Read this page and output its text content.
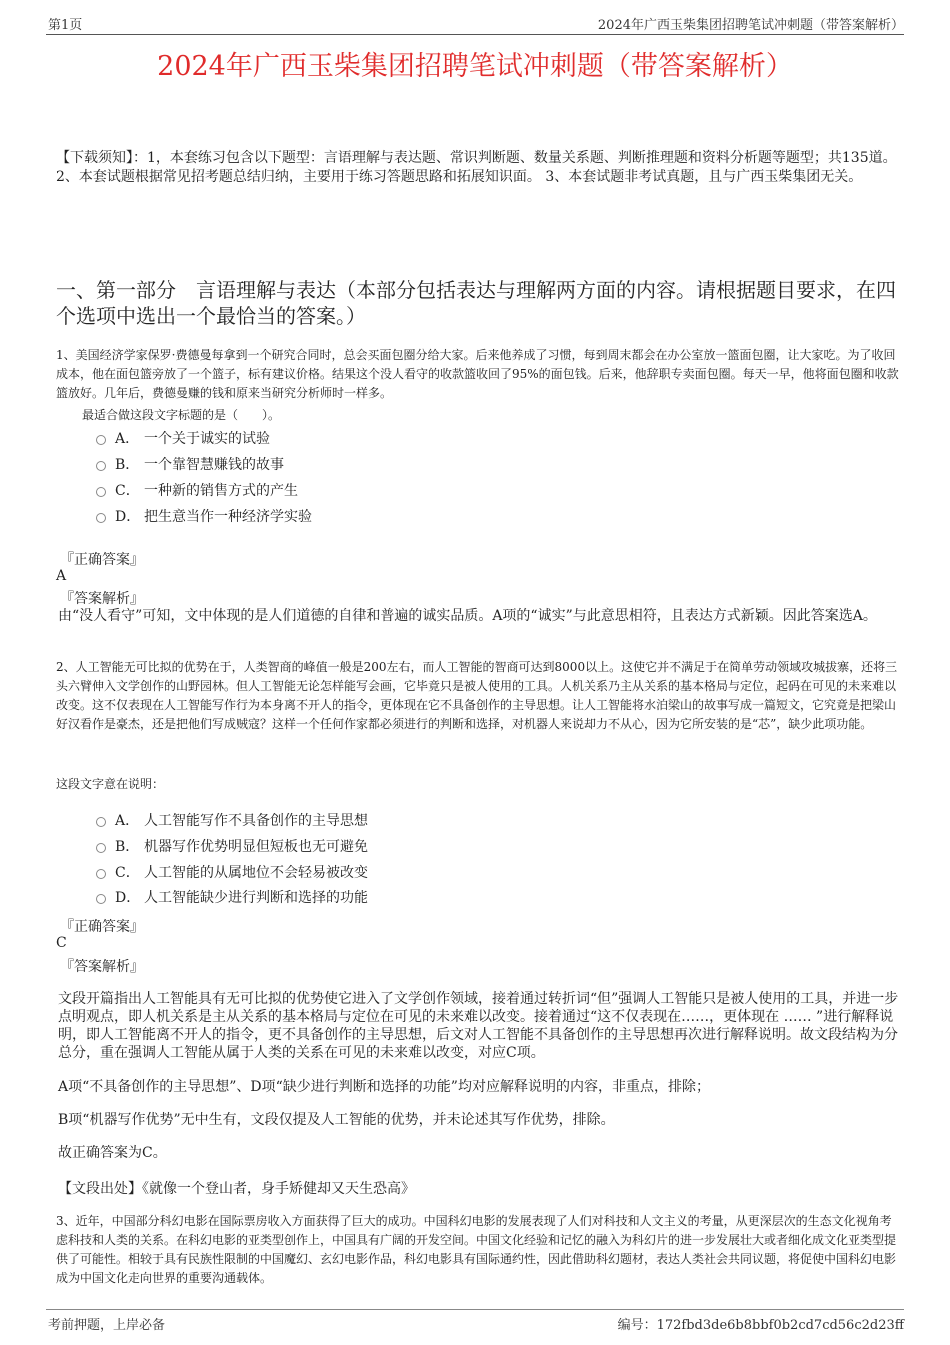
第1页	2024年广西玉柴集团招聘笔试冲刺题（带答案解析）
2024年广西玉柴集团招聘笔试冲刺题（带答案解析）
【下载须知】：1，本套练习包含以下题型：言语理解与表达题、常识判断题、数量关系题、判断推理题和资料分析题等题型；共135道。 2、本套试题根据常见招考题总结归纳，主要用于练习答题思路和拓展知识面。 3、本套试题非考试真题，且与广西玉柴集团无关。
一、第一部分　言语理解与表达（本部分包括表达与理解两方面的内容。请根据题目要求，在四个选项中选出一个最恰当的答案。）
1、美国经济学家保罗·费德曼每拿到一个研究合同时，总会买面包圈分给大家。后来他养成了习惯，每到周末都会在办公室放一篮面包圈，让大家吃。为了收回成本，他在面包篮旁放了一个篮子，标有建议价格。结果这个没人看守的收款篮收回了95%的面包钱。后来，他辞职专卖面包圈。每天一早，他将面包圈和收款篮放好。几年后，费德曼赚的钱和原来当研究分析师时一样多。
最适合做这段文字标题的是（　　）。
A． 一个关于诚实的试验
B． 一个靠智慧赚钱的故事
C． 一种新的销售方式的产生
D． 把生意当作一种经济学实验
『正确答案』
A
『答案解析』
由“没人看守”可知，文中体现的是人们道德的自律和普遍的诚实品质。A项的“诚实”与此意思相符，且表达方式新颖。因此答案选A。
2、人工智能无可比拟的优势在于，人类智商的峰值一般是200左右，而人工智能的智商可达到8000以上。这使它并不满足于在简单劳动领域攻城拔寨，还将三头六臂伸入文学创作的山野园林。但人工智能无论怎样能写会画，它毕竟只是被人使用的工具。人机关系乃主从关系的基本格局与定位，起码在可见的未来难以改变。这不仅表现在人工智能写作行为本身离不开人的指令，更体现在它不具备创作的主导思想。让人工智能将水泊梁山的故事写成一篇短文，它究竟是把梁山好汉看作是豪杰，还是把他们写成贼寇？这样一个任何作家都必须进行的判断和选择，对机器人来说却力不从心，因为它所安装的是“芯”，缺少此项功能。
这段文字意在说明：
A． 人工智能写作不具备创作的主导思想
B． 机器写作优势明显但短板也无可避免
C． 人工智能的从属地位不会轻易被改变
D． 人工智能缺少进行判断和选择的功能
『正确答案』
C
『答案解析』
文段开篇指出人工智能具有无可比拟的优势使它进入了文学创作领域，接着通过转折词“但”强调人工智能只是被人使用的工具，并进一步点明观点，即人机关系是主从关系的基本格局与定位在可见的未来难以改变。接着通过“这不仅表现在……，更体现在 …… ”进行解释说明，即人工智能离不开人的指令，更不具备创作的主导思想，后文对人工智能不具备创作的主导思想再次进行解释说明。故文段结构为分总分，重在强调人工智能从属于人类的关系在可见的未来难以改变，对应C项。
A项“不具备创作的主导思想”、D项“缺少进行判断和选择的功能”均对应解释说明的内容，非重点，排除；
B项“机器写作优势”无中生有，文段仅提及人工智能的优势，并未论述其写作优势，排除。
故正确答案为C。
【文段出处】《就像一个登山者，身手矫健却又天生恐高》
3、近年，中国部分科幻电影在国际票房收入方面获得了巨大的成功。中国科幻电影的发展表现了人们对科技和人文主义的考量，从更深层次的生态文化视角考虑科技和人类的关系。在科幻电影的亚类型创作上，中国具有广阔的开发空间。中国文化经验和记忆的融入为科幻片的进一步发展壮大或者细化成文化亚类型提供了可能性。相较于具有民族性限制的中国魔幻、玄幻电影作品，科幻电影具有国际通约性，因此借助科幻题材，表达人类社会共同议题，将促使中国科幻电影成为中国文化走向世界的重要沟通载体。
考前押题，上岸必备	编号：172fbd3de6b8bbf0b2cd7cd56c2d23ff
